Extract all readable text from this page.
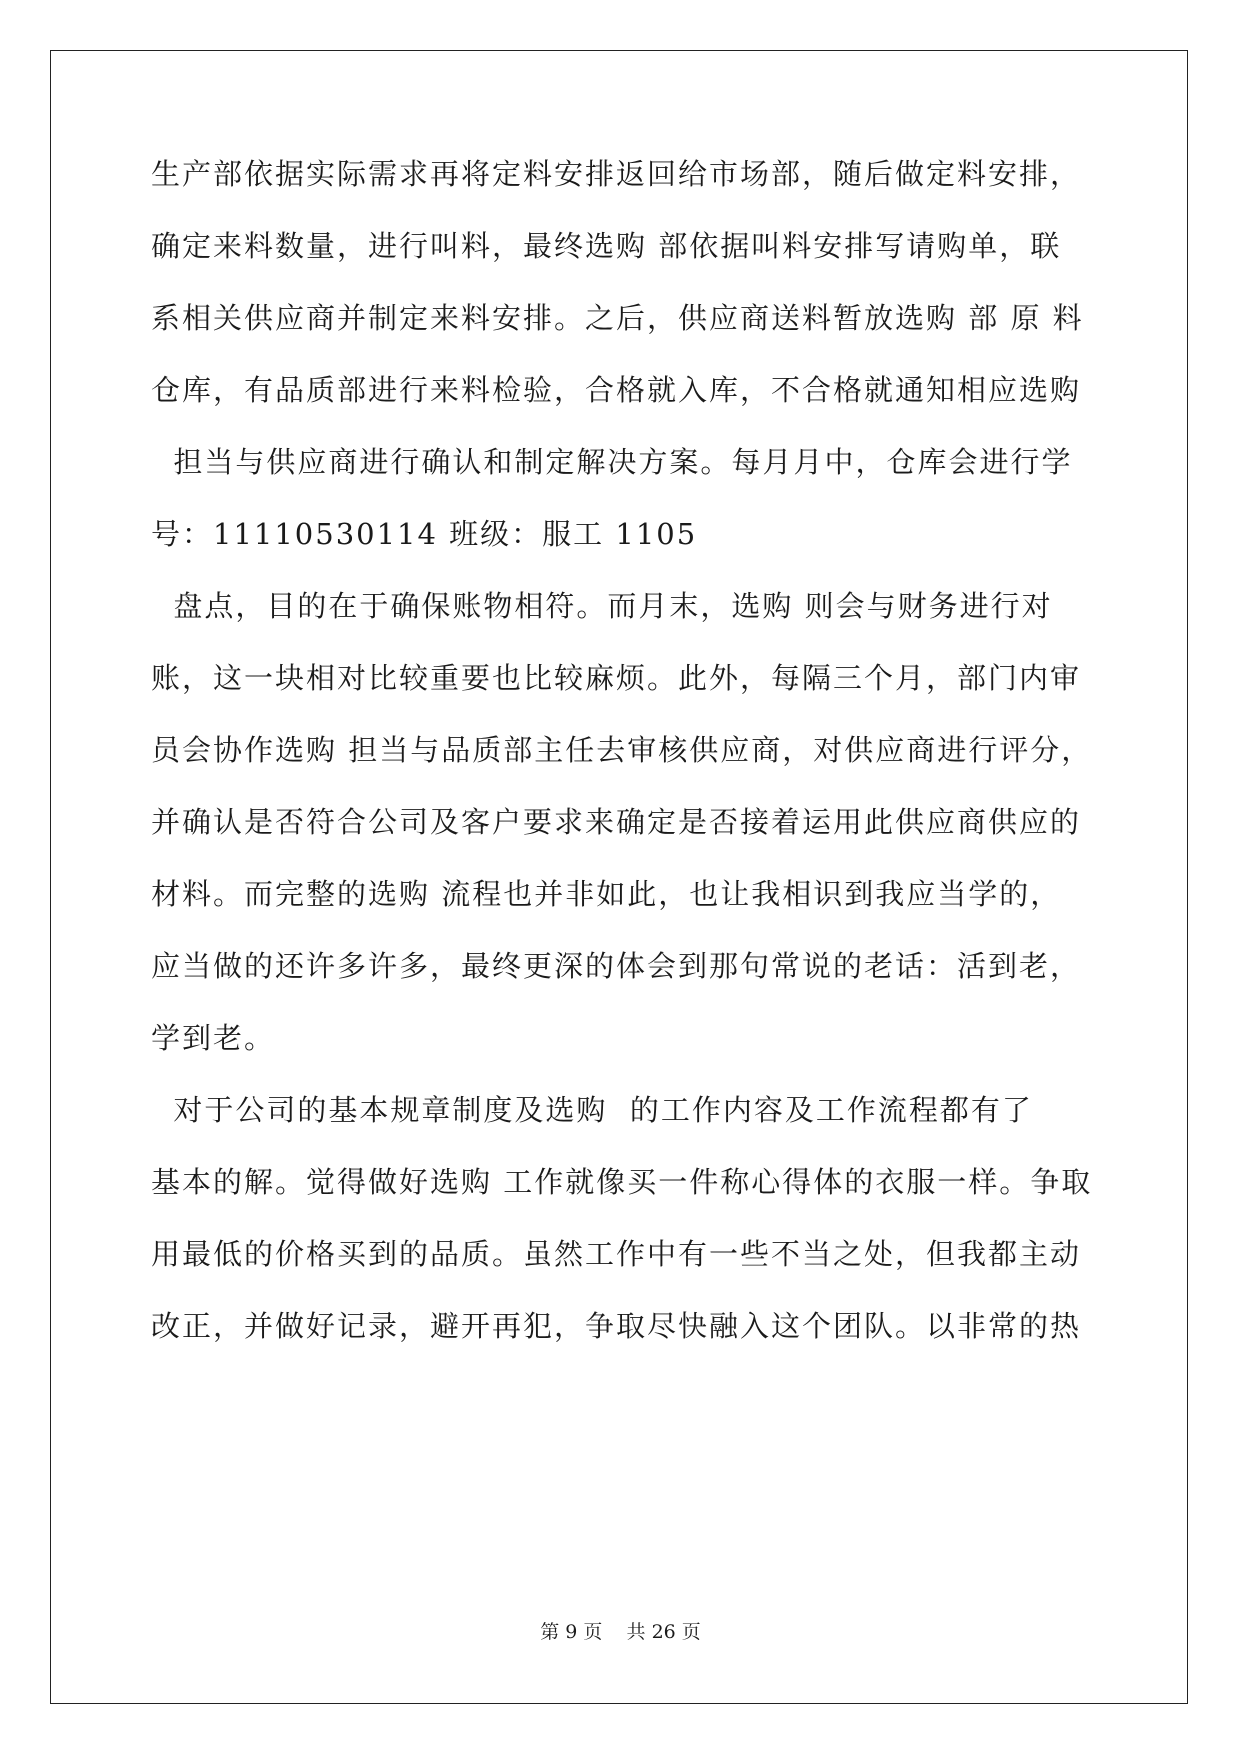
生产部依据实际需求再将定料安排返回给市场部，随后做定料安排，
确定来料数量，进行叫料，最终选购 部依据叫料安排写请购单，联
系相关供应商并制定来料安排。之后，供应商送料暂放选购 部 原 料
仓库，有品质部进行来料检验，合格就入库，不合格就通知相应选购
担当与供应商进行确认和制定解决方案。每月月中，仓库会进行学
号：11110530114 班级：服工 1105
盘点，目的在于确保账物相符。而月末，选购 则会与财务进行对
账，这一块相对比较重要也比较麻烦。此外，每隔三个月，部门内审
员会协作选购 担当与品质部主任去审核供应商，对供应商进行评分，
并确认是否符合公司及客户要求来确定是否接着运用此供应商供应的
材料。而完整的选购 流程也并非如此，也让我相识到我应当学的，
应当做的还许多许多，最终更深的体会到那句常说的老话：活到老，
学到老。
对于公司的基本规章制度及选购  的工作内容及工作流程都有了
基本的解。觉得做好选购 工作就像买一件称心得体的衣服一样。争取
用最低的价格买到的品质。虽然工作中有一些不当之处，但我都主动
改正，并做好记录，避开再犯，争取尽快融入这个团队。以非常的热
第 9 页    共 26 页
